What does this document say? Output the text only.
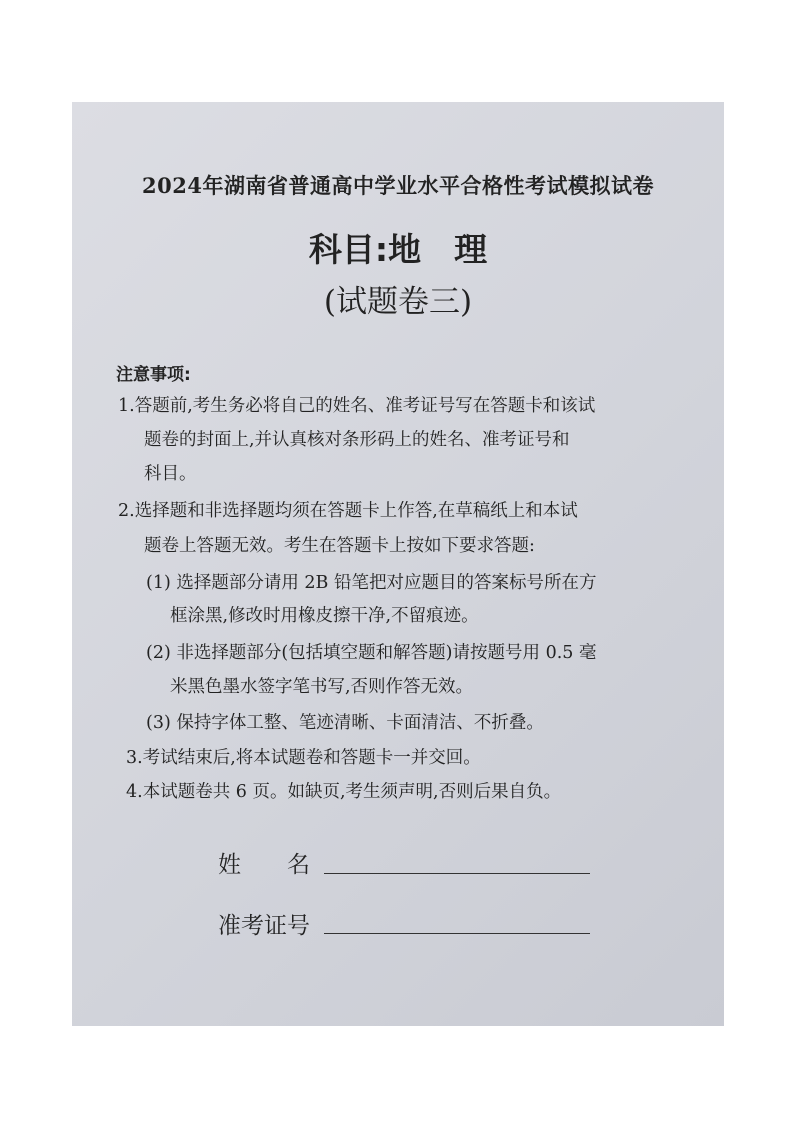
2024年湖南省普通高中学业水平合格性考试模拟试卷
科目:地　理
(试题卷三)
注意事项:
1.答题前,考生务必将自己的姓名、准考证号写在答题卡和该试
题卷的封面上,并认真核对条形码上的姓名、准考证号和
科目。
2.选择题和非选择题均须在答题卡上作答,在草稿纸上和本试
题卷上答题无效。考生在答题卡上按如下要求答题:
(1) 选择题部分请用 2B 铅笔把对应题目的答案标号所在方
框涂黑,修改时用橡皮擦干净,不留痕迹。
(2) 非选择题部分(包括填空题和解答题)请按题号用 0.5 毫
米黑色墨水签字笔书写,否则作答无效。
(3) 保持字体工整、笔迹清晰、卡面清洁、不折叠。
3.考试结束后,将本试题卷和答题卡一并交回。
4.本试题卷共 6 页。如缺页,考生须声明,否则后果自负。
姓　　名
准考证号
